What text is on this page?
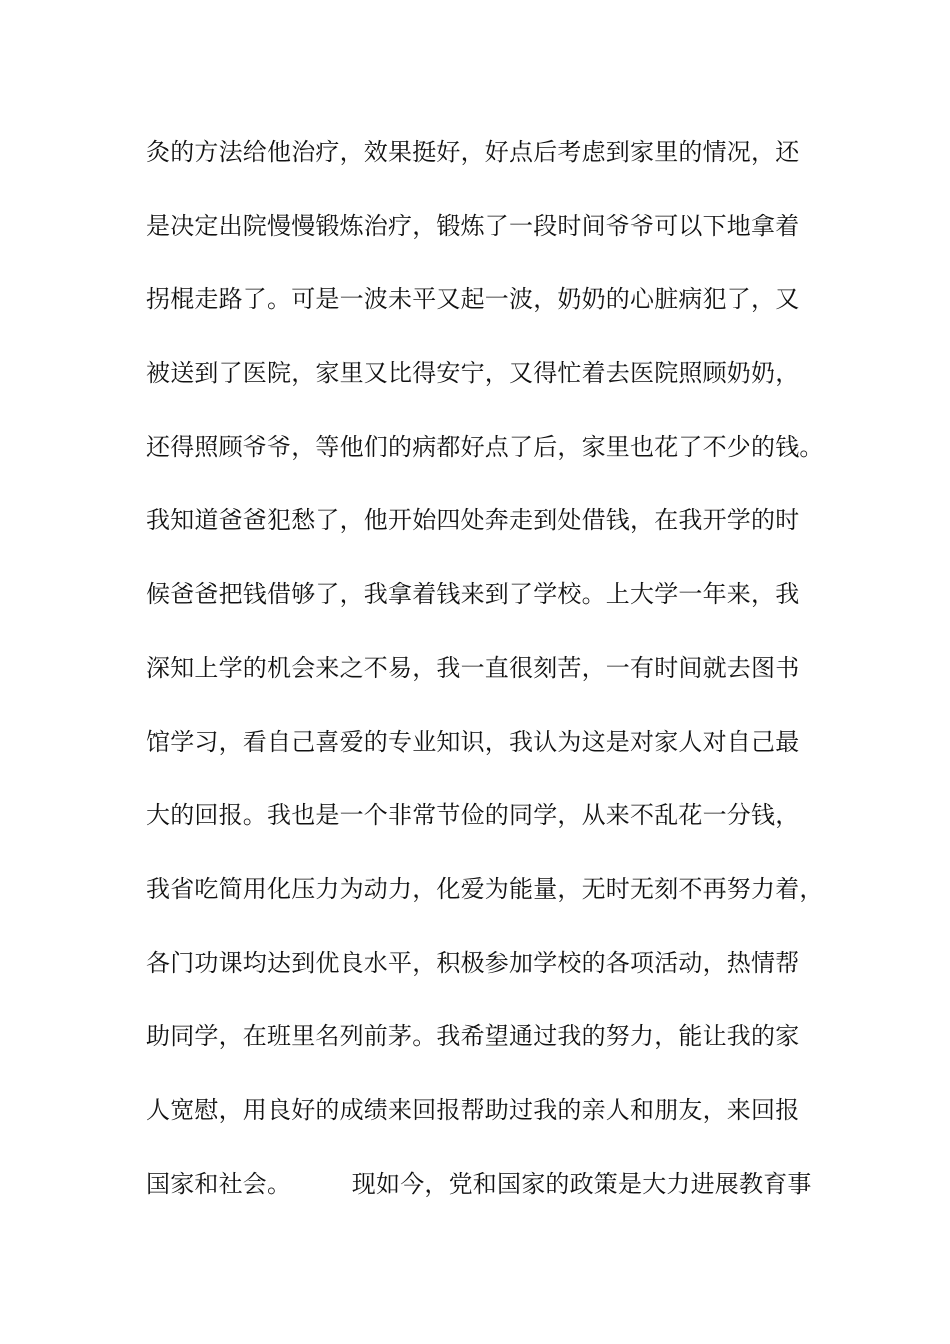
灸的方法给他治疗，效果挺好，好点后考虑到家里的情况，还
是决定出院慢慢锻炼治疗，锻炼了一段时间爷爷可以下地拿着
拐棍走路了。可是一波未平又起一波，奶奶的心脏病犯了，又
被送到了医院，家里又比得安宁，又得忙着去医院照顾奶奶，
还得照顾爷爷，等他们的病都好点了后，家里也花了不少的钱。
我知道爸爸犯愁了，他开始四处奔走到处借钱，在我开学的时
候爸爸把钱借够了，我拿着钱来到了学校。上大学一年来，我
深知上学的机会来之不易，我一直很刻苦，一有时间就去图书
馆学习，看自己喜爱的专业知识，我认为这是对家人对自己最
大的回报。我也是一个非常节俭的同学，从来不乱花一分钱，
我省吃简用化压力为动力，化爱为能量，无时无刻不再努力着，
各门功课均达到优良水平，积极参加学校的各项活动，热情帮
助同学，在班里名列前茅。我希望通过我的努力，能让我的家
人宽慰，用良好的成绩来回报帮助过我的亲人和朋友，来回报
国家和社会。　　　现如今，党和国家的政策是大力进展教育事
